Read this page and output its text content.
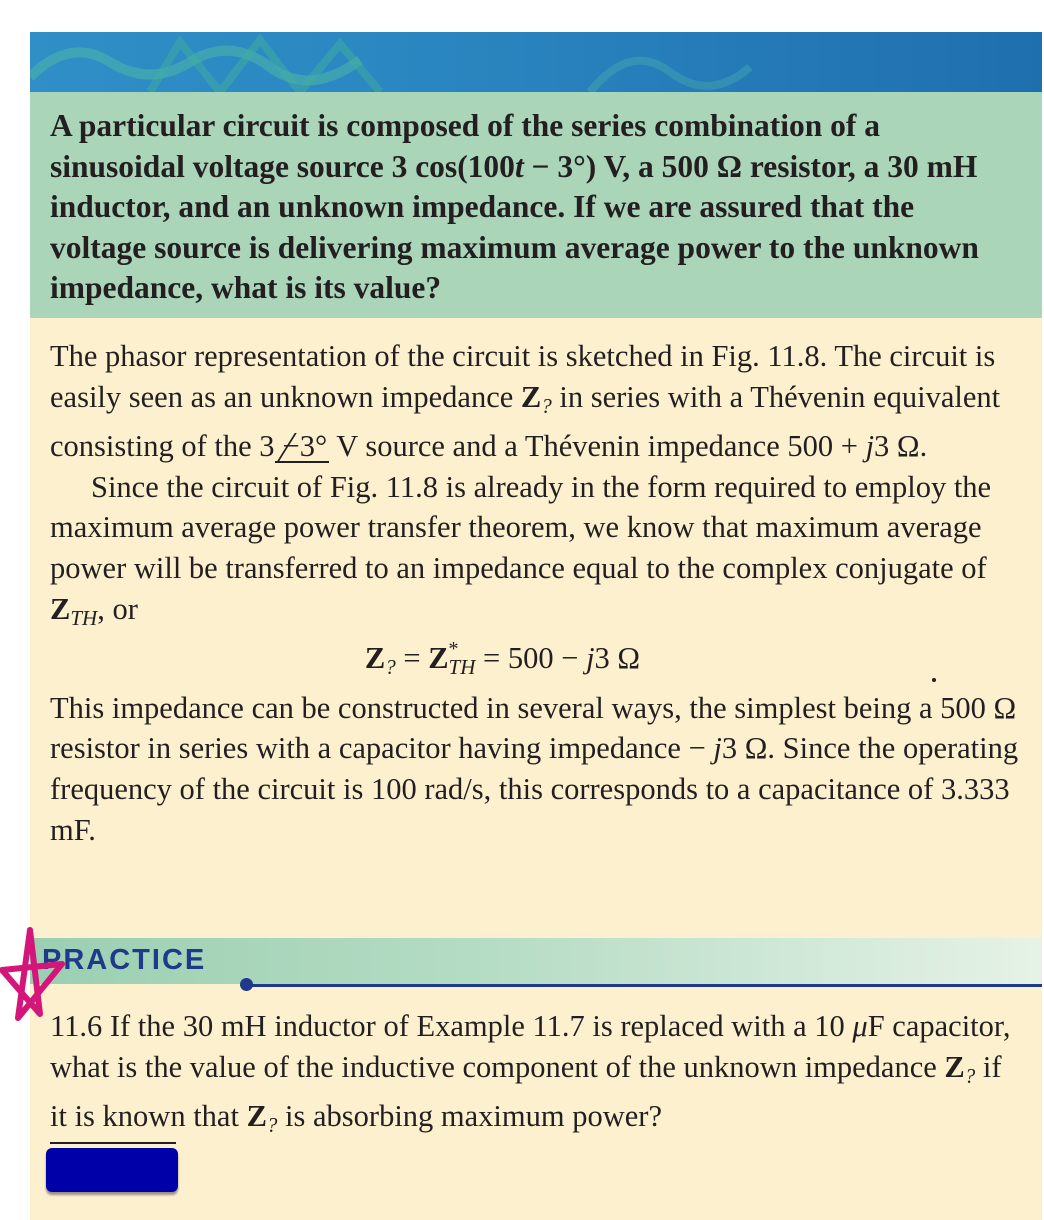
A particular circuit is composed of the series combination of a sinusoidal voltage source 3 cos(100t − 3°) V, a 500 Ω resistor, a 30 mH inductor, and an unknown impedance. If we are assured that the voltage source is delivering maximum average power to the unknown impedance, what is its value?

The phasor representation of the circuit is sketched in Fig. 11.8. The circuit is easily seen as an unknown impedance $Z_?$ in series with a Thévenin equivalent consisting of the 3 −3° V source and a Thévenin impedance 500 + j3 Ω.

Since the circuit of Fig. 11.8 is already in the form required to employ the maximum average power transfer theorem, we know that maximum average power will be transferred to an impedance equal to the complex conjugate of $Z_{TH}$, or

$Z_? = Z^*_{TH} = 500 - j3$ Ω

This impedance can be constructed in several ways, the simplest being a 500 Ω resistor in series with a capacitor having impedance − j3 Ω. Since the operating frequency of the circuit is 100 rad/s, this corresponds to a capacitance of 3.333 mF.

PRACTICE

11.6 If the 30 mH inductor of Example 11.7 is replaced with a 10 μF capacitor, what is the value of the inductive component of the unknown impedance $Z_?$ if it is known that $Z_?$ is absorbing maximum power?
